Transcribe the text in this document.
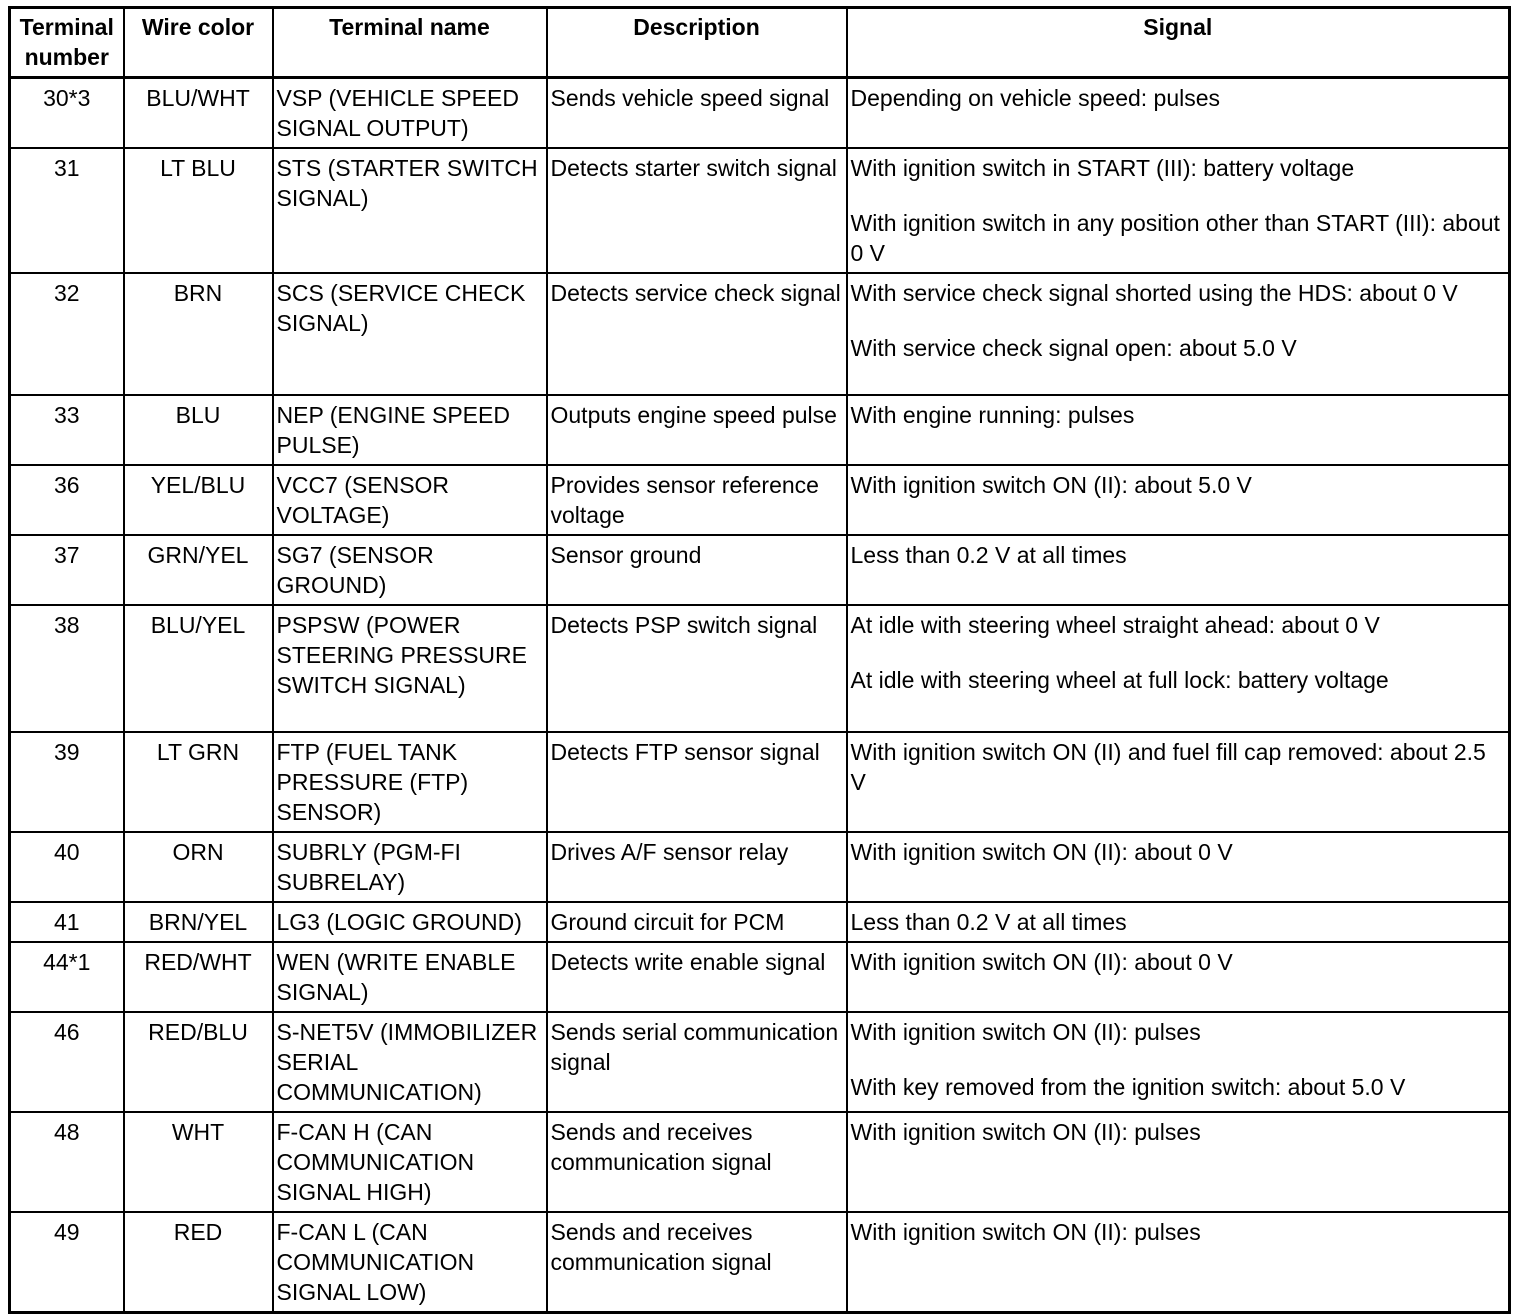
Terminal number	Wire color	Terminal name	Description	Signal
30*3	BLU/WHT	VSP (VEHICLE SPEED SIGNAL OUTPUT)	Sends vehicle speed signal	Depending on vehicle speed: pulses

31	LT BLU	STS (STARTER SWITCH SIGNAL)	Detects starter switch signal	With ignition switch in START (III): battery voltage
With ignition switch in any position other than START (III): about 0 V

32	BRN	SCS (SERVICE CHECK SIGNAL)	Detects service check signal	With service check signal shorted using the HDS: about 0 V
With service check signal open: about 5.0 V

33	BLU	NEP (ENGINE SPEED PULSE)	Outputs engine speed pulse	With engine running: pulses

36	YEL/BLU	VCC7 (SENSOR VOLTAGE)	Provides sensor reference voltage	With ignition switch ON (II): about 5.0 V

37	GRN/YEL	SG7 (SENSOR GROUND)	Sensor ground	Less than 0.2 V at all times

38	BLU/YEL	PSPSW (POWER STEERING PRESSURE SWITCH SIGNAL)	Detects PSP switch signal	At idle with steering wheel straight ahead: about 0 V
At idle with steering wheel at full lock: battery voltage

39	LT GRN	FTP (FUEL TANK PRESSURE (FTP) SENSOR)	Detects FTP sensor signal	With ignition switch ON (II) and fuel fill cap removed: about 2.5 V

40	ORN	SUBRLY (PGM-FI SUBRELAY)	Drives A/F sensor relay	With ignition switch ON (II): about 0 V

41	BRN/YEL	LG3 (LOGIC GROUND)	Ground circuit for PCM	Less than 0.2 V at all times

44*1	RED/WHT	WEN (WRITE ENABLE SIGNAL)	Detects write enable signal	With ignition switch ON (II): about 0 V

46	RED/BLU	S-NET5V (IMMOBILIZER SERIAL COMMUNICATION)	Sends serial communication signal	With ignition switch ON (II): pulses
With key removed from the ignition switch: about 5.0 V

48	WHT	F-CAN H (CAN COMMUNICATION SIGNAL HIGH)	Sends and receives communication signal	With ignition switch ON (II): pulses

49	RED	F-CAN L (CAN COMMUNICATION SIGNAL LOW)	Sends and receives communication signal	With ignition switch ON (II): pulses
